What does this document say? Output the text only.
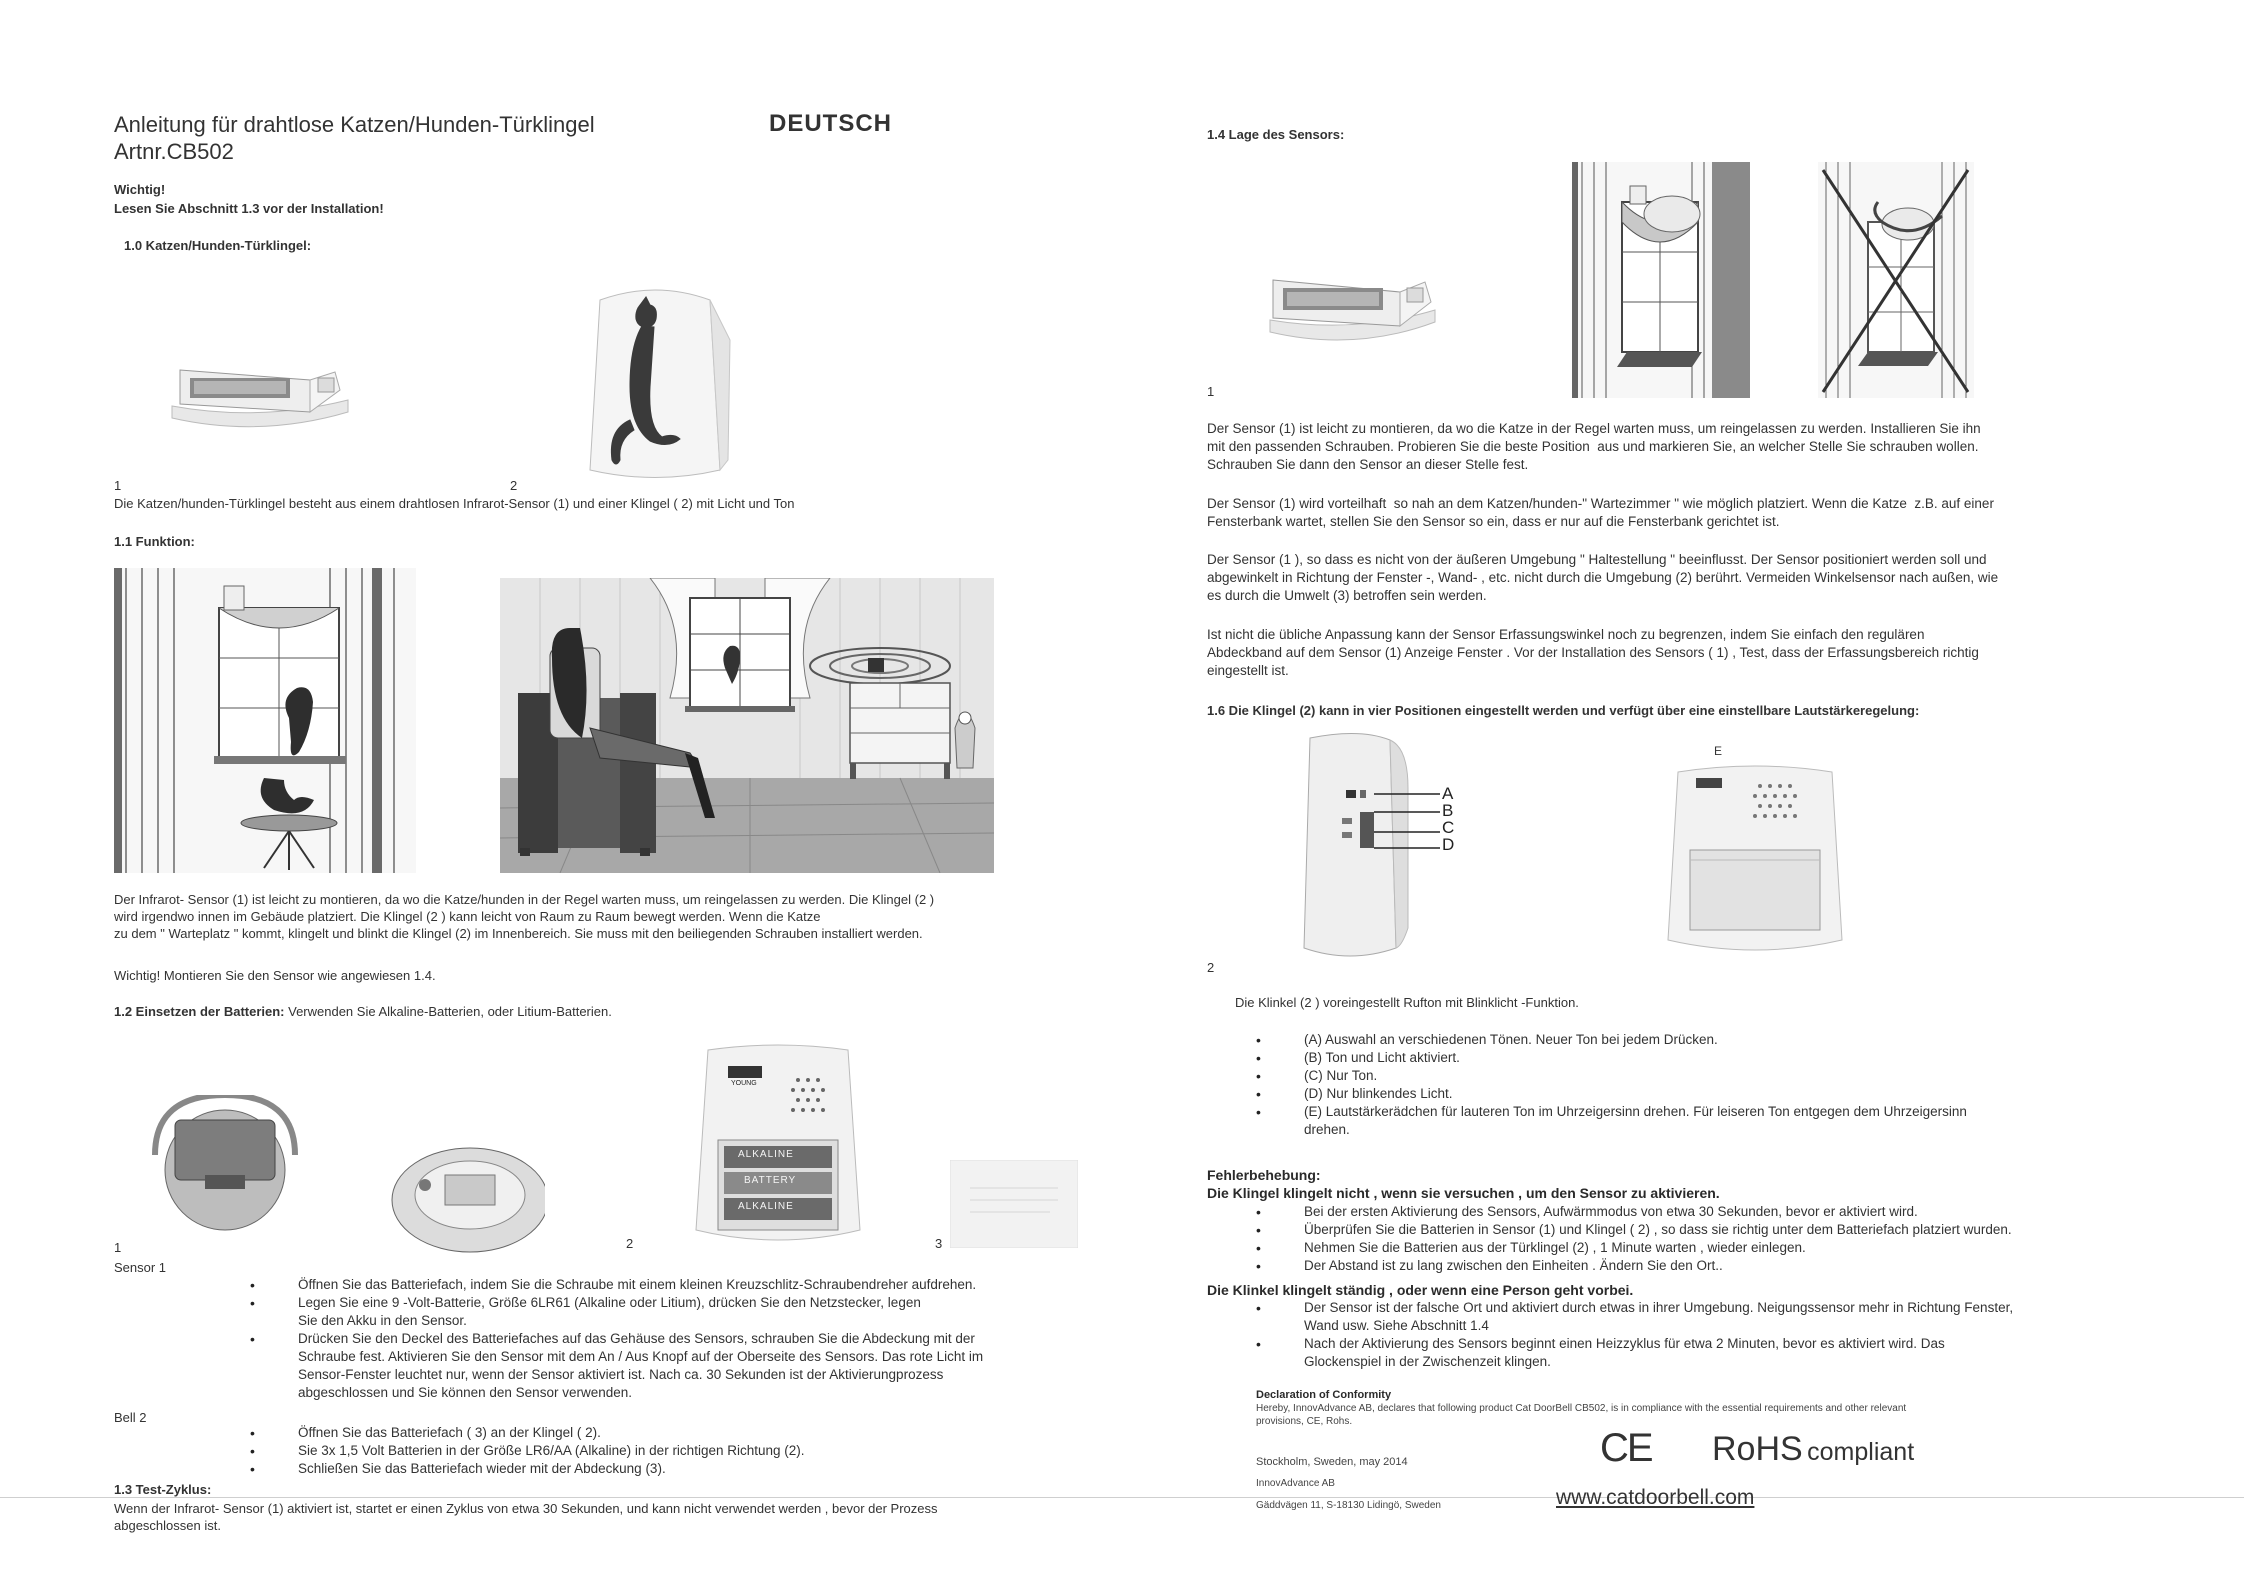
Anleitung für drahtlose Katzen/Hunden-Türklingel	DEUTSCH
Artnr.CB502
Wichtig!
Lesen Sie Abschnitt 1.3 vor der Installation!
1.0 Katzen/Hunden-Türklingel:
1	2
Die Katzen/hunden-Türklingel besteht aus einem drahtlosen Infrarot-Sensor (1) und einer Klingel ( 2) mit Licht und Ton
1.1 Funktion:
Der Infrarot- Sensor (1) ist leicht zu montieren, da wo die Katze/hunden in der Regel warten muss, um reingelassen zu werden. Die Klingel (2 )
wird irgendwo innen im Gebäude platziert. Die Klingel (2 ) kann leicht von Raum zu Raum bewegt werden. Wenn die Katze
zu dem " Warteplatz " kommt, klingelt und blinkt die Klingel (2) im Innenbereich. Sie muss mit den beiliegenden Schrauben installiert werden.
Wichtig! Montieren Sie den Sensor wie angewiesen 1.4.
1.2 Einsetzen der Batterien: Verwenden Sie Alkaline-Batterien, oder Litium-Batterien.
YOUNG
ALKALINE
BATTERY
ALKALINE
1	2	3
Sensor 1
• Öffnen Sie das Batteriefach, indem Sie die Schraube mit einem kleinen Kreuzschlitz-Schraubendreher aufdrehen.
• Legen Sie eine 9 -Volt-Batterie, Größe 6LR61 (Alkaline oder Litium), drücken Sie den Netzstecker, legen
Sie den Akku in den Sensor.
• Drücken Sie den Deckel des Batteriefaches auf das Gehäuse des Sensors, schrauben Sie die Abdeckung mit der
Schraube fest. Aktivieren Sie den Sensor mit dem An / Aus Knopf auf der Oberseite des Sensors. Das rote Licht im
Sensor-Fenster leuchtet nur, wenn der Sensor aktiviert ist. Nach ca. 30 Sekunden ist der Aktivierungprozess
abgeschlossen und Sie können den Sensor verwenden.
Bell 2
• Öffnen Sie das Batteriefach ( 3) an der Klingel ( 2).
• Sie 3x 1,5 Volt Batterien in der Größe LR6/AA (Alkaline) in der richtigen Richtung (2).
• Schließen Sie das Batteriefach wieder mit der Abdeckung (3).
1.3 Test-Zyklus:
Wenn der Infrarot- Sensor (1) aktiviert ist, startet er einen Zyklus von etwa 30 Sekunden, und kann nicht verwendet werden , bevor der Prozess
abgeschlossen ist.
1.4 Lage des Sensors:
1
Der Sensor (1) ist leicht zu montieren, da wo die Katze in der Regel warten muss, um reingelassen zu werden. Installieren Sie ihn
mit den passenden Schrauben. Probieren Sie die beste Position  aus und markieren Sie, an welcher Stelle Sie schrauben wollen.
Schrauben Sie dann den Sensor an dieser Stelle fest.
Der Sensor (1) wird vorteilhaft  so nah an dem Katzen/hunden-" Wartezimmer " wie möglich platziert. Wenn die Katze  z.B. auf einer
Fensterbank wartet, stellen Sie den Sensor so ein, dass er nur auf die Fensterbank gerichtet ist.
Der Sensor (1 ), so dass es nicht von der äußeren Umgebung " Haltestellung " beeinflusst. Der Sensor positioniert werden soll und
abgewinkelt in Richtung der Fenster -, Wand- , etc. nicht durch die Umgebung (2) berührt. Vermeiden Winkelsensor nach außen, wie
es durch die Umwelt (3) betroffen sein werden.
Ist nicht die übliche Anpassung kann der Sensor Erfassungswinkel noch zu begrenzen, indem Sie einfach den regulären
Abdeckband auf dem Sensor (1) Anzeige Fenster . Vor der Installation des Sensors ( 1) , Test, dass der Erfassungsbereich richtig
eingestellt ist.
1.6 Die Klingel (2) kann in vier Positionen eingestellt werden und verfügt über eine einstellbare Lautstärkeregelung:
A
B
C
D
E
2
Die Klinkel (2 ) voreingestellt Rufton mit Blinklicht -Funktion.
• (A) Auswahl an verschiedenen Tönen. Neuer Ton bei jedem Drücken.
• (B) Ton und Licht aktiviert.
• (C) Nur Ton.
• (D) Nur blinkendes Licht.
• (E) Lautstärkerädchen für lauteren Ton im Uhrzeigersinn drehen. Für leiseren Ton entgegen dem Uhrzeigersinn
drehen.
Fehlerbehebung:
Die Klingel klingelt nicht , wenn sie versuchen , um den Sensor zu aktivieren.
• Bei der ersten Aktivierung des Sensors, Aufwärmmodus von etwa 30 Sekunden, bevor er aktiviert wird.
• Überprüfen Sie die Batterien in Sensor (1) und Klingel ( 2) , so dass sie richtig unter dem Batteriefach platziert wurden.
• Nehmen Sie die Batterien aus der Türklingel (2) , 1 Minute warten , wieder einlegen.
• Der Abstand ist zu lang zwischen den Einheiten . Ändern Sie den Ort..
Die Klinkel klingelt ständig , oder wenn eine Person geht vorbei.
• Der Sensor ist der falsche Ort und aktiviert durch etwas in ihrer Umgebung. Neigungssensor mehr in Richtung Fenster,
Wand usw. Siehe Abschnitt 1.4
• Nach der Aktivierung des Sensors beginnt einen Heizzyklus für etwa 2 Minuten, bevor es aktiviert wird. Das
Glockenspiel in der Zwischenzeit klingen.
Declaration of Conformity
Hereby, InnovAdvance AB, declares that following product Cat DoorBell CB502, is in compliance with the essential requirements and other relevant
provisions, CE, Rohs.
Stockholm, Sweden, may 2014
InnovAdvance AB
Gäddvägen 11, S-18130 Lidingö, Sweden
CE RoHS compliant
www.catdoorbell.com
